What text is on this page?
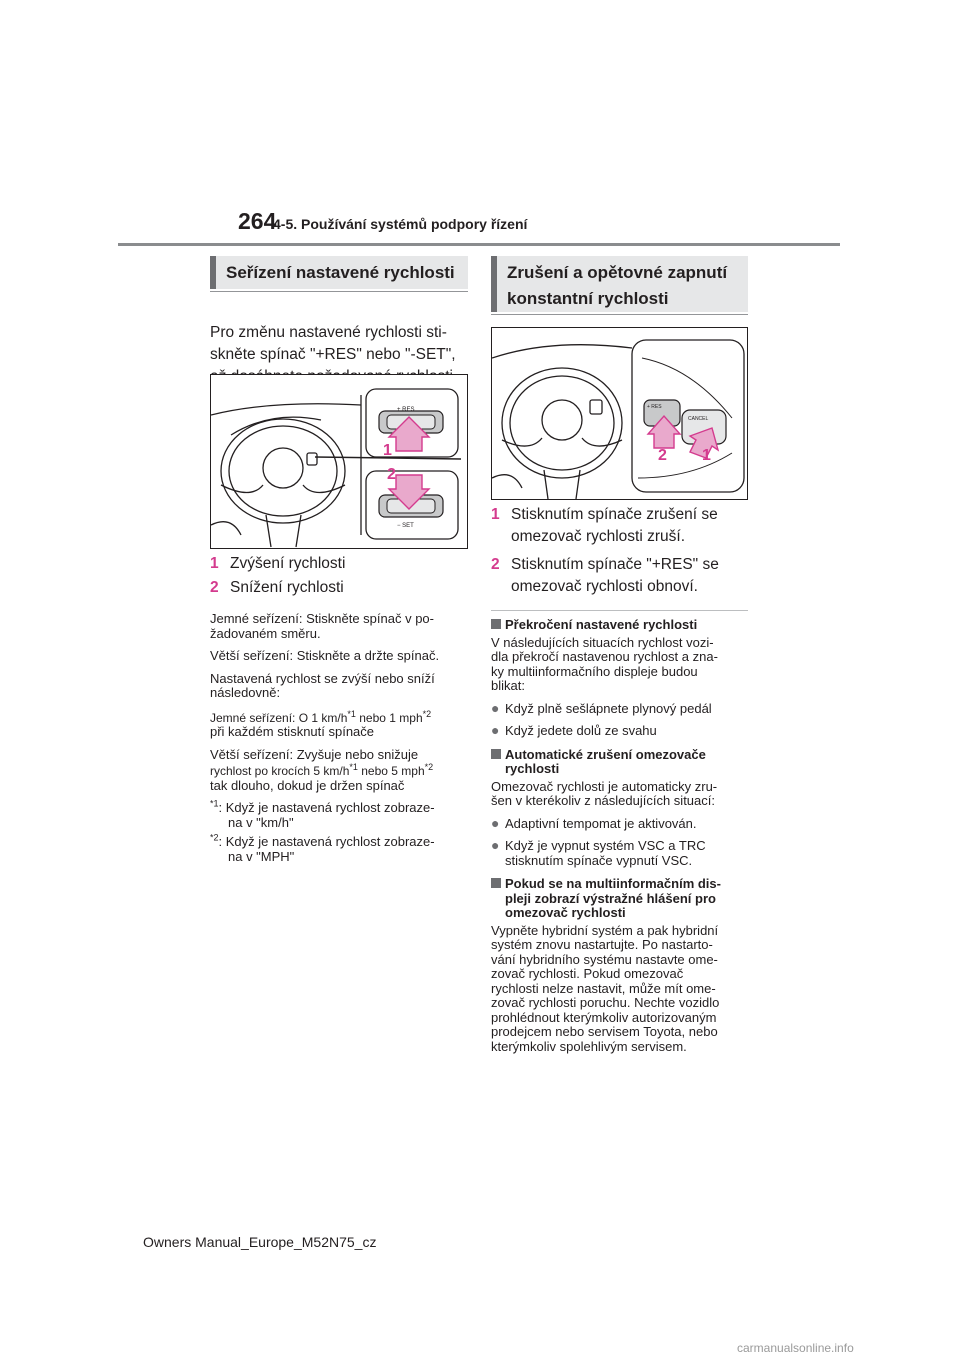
264

4-5. Používání systémů podpory řízení

Seřízení nastavené rychlosti

Pro změnu nastavené rychlosti sti-

skněte spínač "+RES" nebo "-SET",

+ RES
− SET
1
2

1 Zvýšení rychlosti

2 Snížení rychlosti

Jemné seřízení: Stiskněte spínač v po-

žadovaném směru.

Větší seřízení: Stiskněte a držte spínač.

Nastavená rychlost se zvýší nebo sníží

následovně:

Jemné seřízení: O 1 $km/h^{*1}$ nebo 1 mph$^{*2}$

při každém stisknutí spínače

Větší seřízení: Zvyšuje nebo snižuje

rychlost po krocích 5 $km/h^{*1}$ nebo 5 mph$^{*2}$

tak dlouho, dokud je držen spínač

$^{*1}$: Když je nastavená rychlost zobraze-

na v "km/h"

$^{*2}$: Když je nastavená rychlost zobraze-

na v "MPH"

Zrušení a opětovné zapnutí
konstantní rychlosti
+ RES
CANCEL
2 1

1 Stisknutím spínače zrušení se

omezovač rychlosti zruší.

2 Stisknutím spínače "+RES" se

omezovač rychlosti obnoví.

Překročení nastavené rychlosti

V následujících situacích rychlost vozi-

dla překročí nastavenou rychlost a zna-

ky multiinformačního displeje budou

blikat:

● Když plně sešlápnete plynový pedál

● Když jedete dolů ze svahu

Automatické zrušení omezovače

rychlosti

Omezovač rychlosti je automaticky zru-

šen v kterékoliv z následujících situací:

● Adaptivní tempomat je aktivován.

● Když je vypnut systém VSC a TRC

stisknutím spínače vypnutí VSC.

Pokud se na multiinformačním dis-

pleji zobrazí výstražné hlášení pro

omezovač rychlosti

Vypněte hybridní systém a pak hybridní

systém znovu nastartujte. Po nastarto-

vání hybridního systému nastavte ome-

zovač rychlosti. Pokud omezovač

rychlosti nelze nastavit, může mít ome-

zovač rychlosti poruchu. Nechte vozidlo

prohlédnout kterýmkoliv autorizovaným

prodejcem nebo servisem Toyota, nebo

kterýmkoliv spolehlivým servisem.

Owners Manual_Europe_M52N75_cz

carmanualsonline.info
